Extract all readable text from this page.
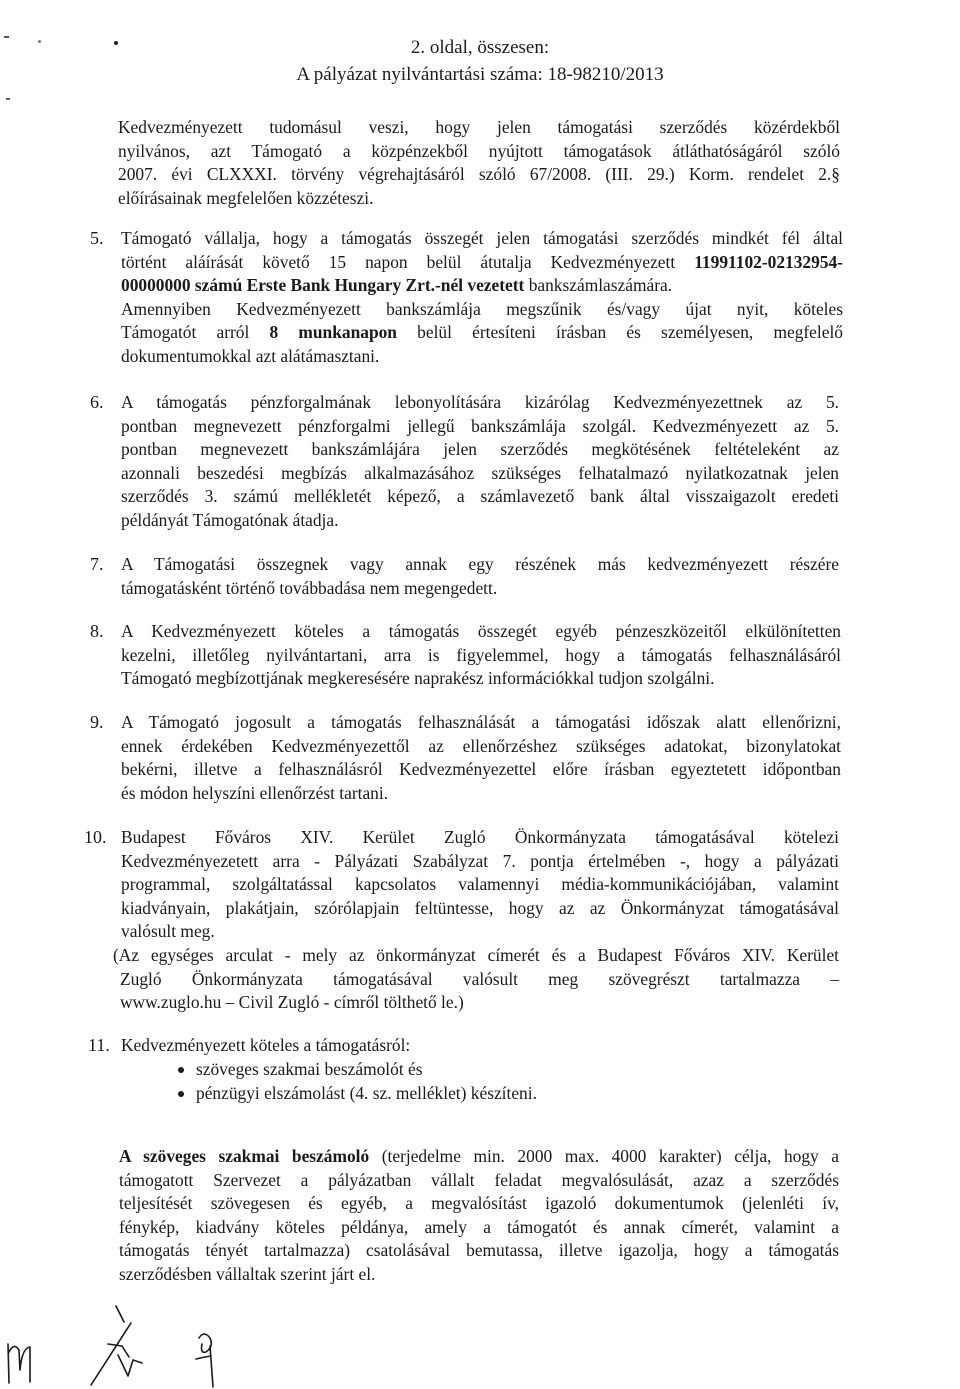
2. oldal, összesen:
A pályázat nyilvántartási száma: 18-98210/2013
Kedvezményezett tudomásul veszi, hogy jelen támogatási szerződés közérdekből
nyilvános, azt Támogató a közpénzekből nyújtott támogatások átláthatóságáról szóló
2007. évi CLXXXI. törvény végrehajtásáról szóló 67/2008. (III. 29.) Korm. rendelet 2.§
előírásainak megfelelően közzéteszi.
5. Támogató vállalja, hogy a támogatás összegét jelen támogatási szerződés mindkét fél által
történt aláírását követő 15 napon belül átutalja Kedvezményezett 11991102-02132954-
00000000 számú Erste Bank Hungary Zrt.-nél vezetett bankszámlaszámára.
Amennyiben Kedvezményezett bankszámlája megszűnik és/vagy újat nyit, köteles
Támogatót arról 8 munkanapon belül értesíteni írásban és személyesen, megfelelő
dokumentumokkal azt alátámasztani.
6. A támogatás pénzforgalmának lebonyolítására kizárólag Kedvezményezettnek az 5.
pontban megnevezett pénzforgalmi jellegű bankszámlája szolgál. Kedvezményezett az 5.
pontban megnevezett bankszámlájára jelen szerződés megkötésének feltételeként az
azonnali beszedési megbízás alkalmazásához szükséges felhatalmazó nyilatkozatnak jelen
szerződés 3. számú mellékletét képező, a számlavezető bank által visszaigazolt eredeti
példányát Támogatónak átadja.
7. A Támogatási összegnek vagy annak egy részének más kedvezményezett részére
támogatásként történő továbbadása nem megengedett.
8. A Kedvezményezett köteles a támogatás összegét egyéb pénzeszközeitől elkülönítetten
kezelni, illetőleg nyilvántartani, arra is figyelemmel, hogy a támogatás felhasználásáról
Támogató megbízottjának megkeresésére naprakész információkkal tudjon szolgálni.
9. A Támogató jogosult a támogatás felhasználását a támogatási időszak alatt ellenőrizni,
ennek érdekében Kedvezményezettől az ellenőrzéshez szükséges adatokat, bizonylatokat
bekérni, illetve a felhasználásról Kedvezményezettel előre írásban egyeztetett időpontban
és módon helyszíni ellenőrzést tartani.
10. Budapest Főváros XIV. Kerület Zugló Önkormányzata támogatásával kötelezi
Kedvezményezetett arra - Pályázati Szabályzat 7. pontja értelmében -, hogy a pályázati
programmal, szolgáltatással kapcsolatos valamennyi média-kommunikációjában, valamint
kiadványain, plakátjain, szórólapjain feltüntesse, hogy az az Önkormányzat támogatásával
valósult meg.
(Az egységes arculat - mely az önkormányzat címerét és a Budapest Főváros XIV. Kerület
Zugló Önkormányzata támogatásával valósult meg szövegrészt tartalmazza –
www.zuglo.hu – Civil Zugló - címről tölthető le.)
11. Kedvezményezett köteles a támogatásról:
szöveges szakmai beszámolót és
pénzügyi elszámolást (4. sz. melléklet) készíteni.
A szöveges szakmai beszámoló (terjedelme min. 2000 max. 4000 karakter) célja, hogy a
támogatott Szervezet a pályázatban vállalt feladat megvalósulását, azaz a szerződés
teljesítését szövegesen és egyéb, a megvalósítást igazoló dokumentumok (jelenléti ív,
fénykép, kiadvány köteles példánya, amely a támogatót és annak címerét, valamint a
támogatás tényét tartalmazza) csatolásával bemutassa, illetve igazolja, hogy a támogatás
szerződésben vállaltak szerint járt el.
